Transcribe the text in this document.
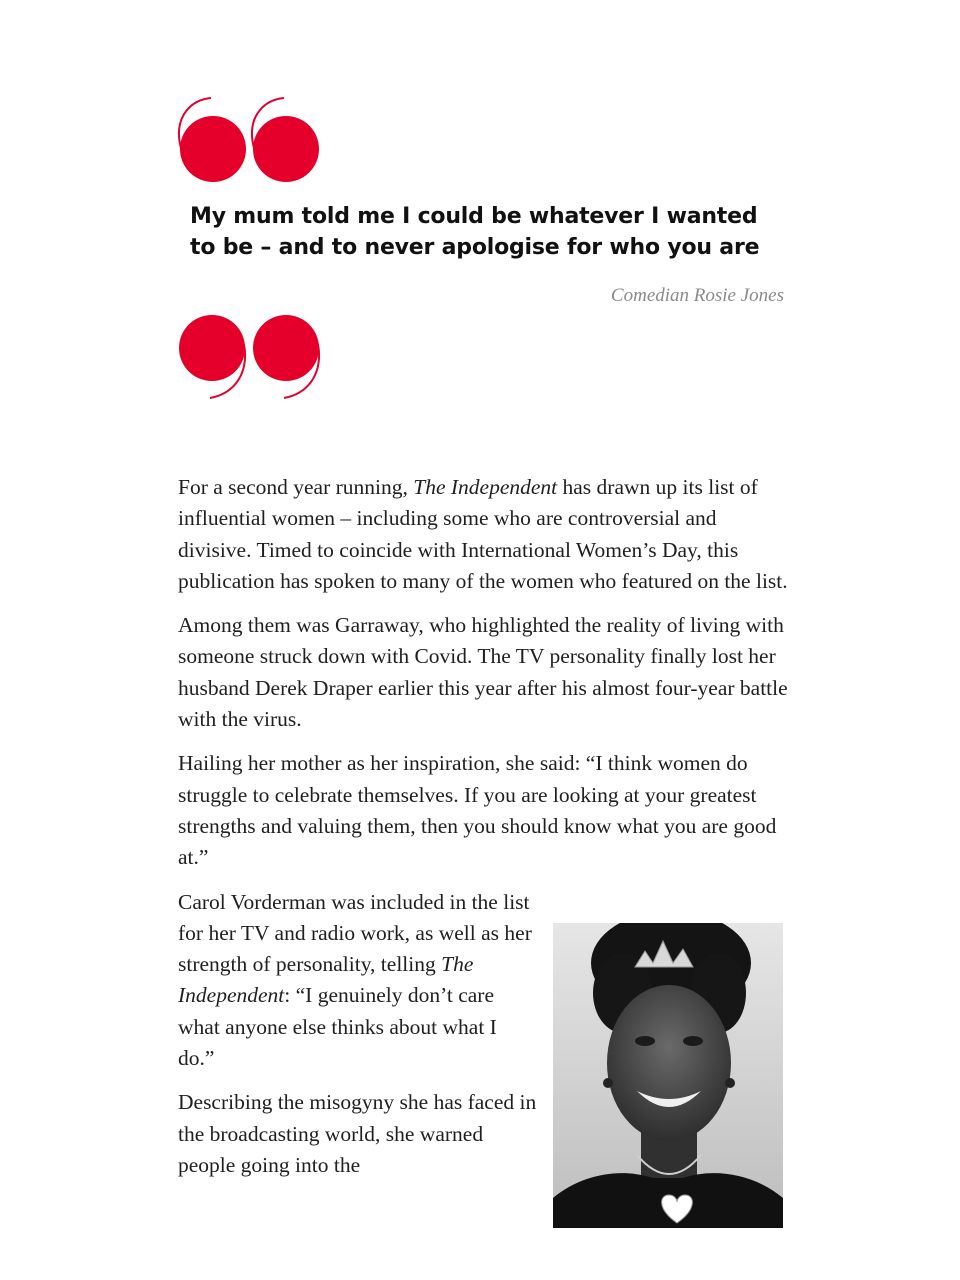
My mum told me I could be whatever I wanted to be – and to never apologise for who you are

Comedian Rosie Jones

For a second year running, The Independent has drawn up its list of influential women – including some who are controversial and divisive. Timed to coincide with International Women’s Day, this publication has spoken to many of the women who featured on the list.

Among them was Garraway, who highlighted the reality of living with someone struck down with Covid. The TV personality finally lost her husband Derek Draper earlier this year after his almost four-year battle with the virus.

Hailing her mother as her inspiration, she said: “I think women do struggle to celebrate themselves. If you are looking at your greatest strengths and valuing them, then you should know what you are good at.”

Carol Vorderman was included in the list for her TV and radio work, as well as her strength of personality, telling The Independent: “I genuinely don’t care what anyone else thinks about what I do.”

Describing the misogyny she has faced in the broadcasting world, she warned people going into the
